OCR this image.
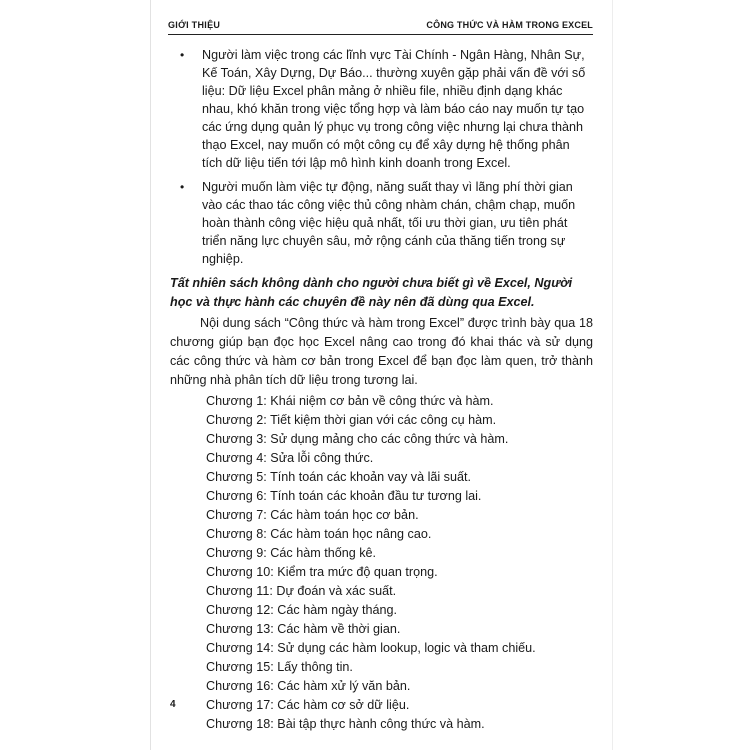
GIỚI THIỆU	CÔNG THỨC VÀ HÀM TRONG EXCEL
• Người làm việc trong các lĩnh vực Tài Chính - Ngân Hàng, Nhân Sự, Kế Toán, Xây Dựng, Dự Báo... thường xuyên gặp phải vấn đề với số liệu: Dữ liệu Excel phân mảng ở nhiều file, nhiều định dạng khác nhau, khó khăn trong việc tổng hợp và làm báo cáo nay muốn tự tạo các ứng dụng quản lý phục vụ trong công việc nhưng lại chưa thành thạo Excel, nay muốn có một công cụ để xây dựng hệ thống phân tích dữ liệu tiến tới lập mô hình kinh doanh trong Excel.
• Người muốn làm việc tự động, năng suất thay vì lãng phí thời gian vào các thao tác công việc thủ công nhàm chán, chậm chạp, muốn hoàn thành công việc hiệu quả nhất, tối ưu thời gian, ưu tiên phát triển năng lực chuyên sâu, mở rộng cánh của thăng tiến trong sự nghiệp.
Tất nhiên sách không dành cho người chưa biết gì về Excel, Người học và thực hành các chuyên đề này nên đã dùng qua Excel.

Nội dung sách “Công thức và hàm trong Excel” được trình bày qua 18 chương giúp bạn đọc học Excel nâng cao trong đó khai thác và sử dụng các công thức và hàm cơ bản trong Excel để bạn đọc làm quen, trở thành những nhà phân tích dữ liệu trong tương lai.

Chương 1: Khái niệm cơ bản về công thức và hàm.
Chương 2: Tiết kiệm thời gian với các công cụ hàm.
Chương 3: Sử dụng mảng cho các công thức và hàm.
Chương 4: Sửa lỗi công thức.
Chương 5: Tính toán các khoản vay và lãi suất.
Chương 6: Tính toán các khoản đầu tư tương lai.
Chương 7: Các hàm toán học cơ bản.
Chương 8: Các hàm toán học nâng cao.
Chương 9: Các hàm thống kê.
Chương 10: Kiểm tra mức độ quan trọng.
Chương 11: Dự đoán và xác suất.
Chương 12: Các hàm ngày tháng.
Chương 13: Các hàm về thời gian.
Chương 14: Sử dụng các hàm lookup, logic và tham chiếu.
Chương 15: Lấy thông tin.
Chương 16: Các hàm xử lý văn bản.
Chương 17: Các hàm cơ sở dữ liệu.
Chương 18: Bài tập thực hành công thức và hàm.
4
